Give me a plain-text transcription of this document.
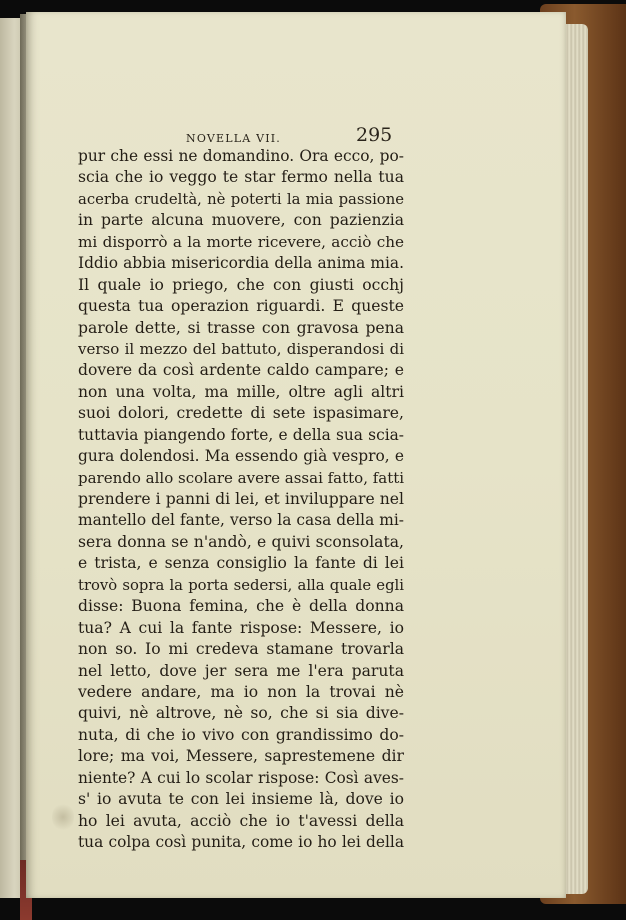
NOVELLA VII.	295
pur che essi ne domandino. Ora ecco, po-
scia che io veggo te star fermo nella tua
acerba crudeltà, nè poterti la mia passione
in parte alcuna muovere, con pazienzia
mi disporrò a la morte ricevere, acciò che
Iddio abbia misericordia della anima mia.
Il quale io priego, che con giusti occhj
questa tua operazion riguardi. E queste
parole dette, si trasse con gravosa pena
verso il mezzo del battuto, disperandosi di
dovere da così ardente caldo campare; e
non una volta, ma mille, oltre agli altri
suoi dolori, credette di sete ispasimare,
tuttavia piangendo forte, e della sua scia-
gura dolendosi. Ma essendo già vespro, e
parendo allo scolare avere assai fatto, fatti
prendere i panni di lei, et inviluppare nel
mantello del fante, verso la casa della mi-
sera donna se n'andò, e quivi sconsolata,
e trista, e senza consiglio la fante di lei
trovò sopra la porta sedersi, alla quale egli
disse: Buona femina, che è della donna
tua? A cui la fante rispose: Messere, io
non so. Io mi credeva stamane trovarla
nel letto, dove jer sera me l'era paruta
vedere andare, ma io non la trovai nè
quivi, nè altrove, nè so, che si sia dive-
nuta, di che io vivo con grandissimo do-
lore; ma voi, Messere, saprestemene dir
niente? A cui lo scolar rispose: Così aves-
s' io avuta te con lei insieme là, dove io
ho lei avuta, acciò che io t'avessi della
tua colpa così punita, come io ho lei della
